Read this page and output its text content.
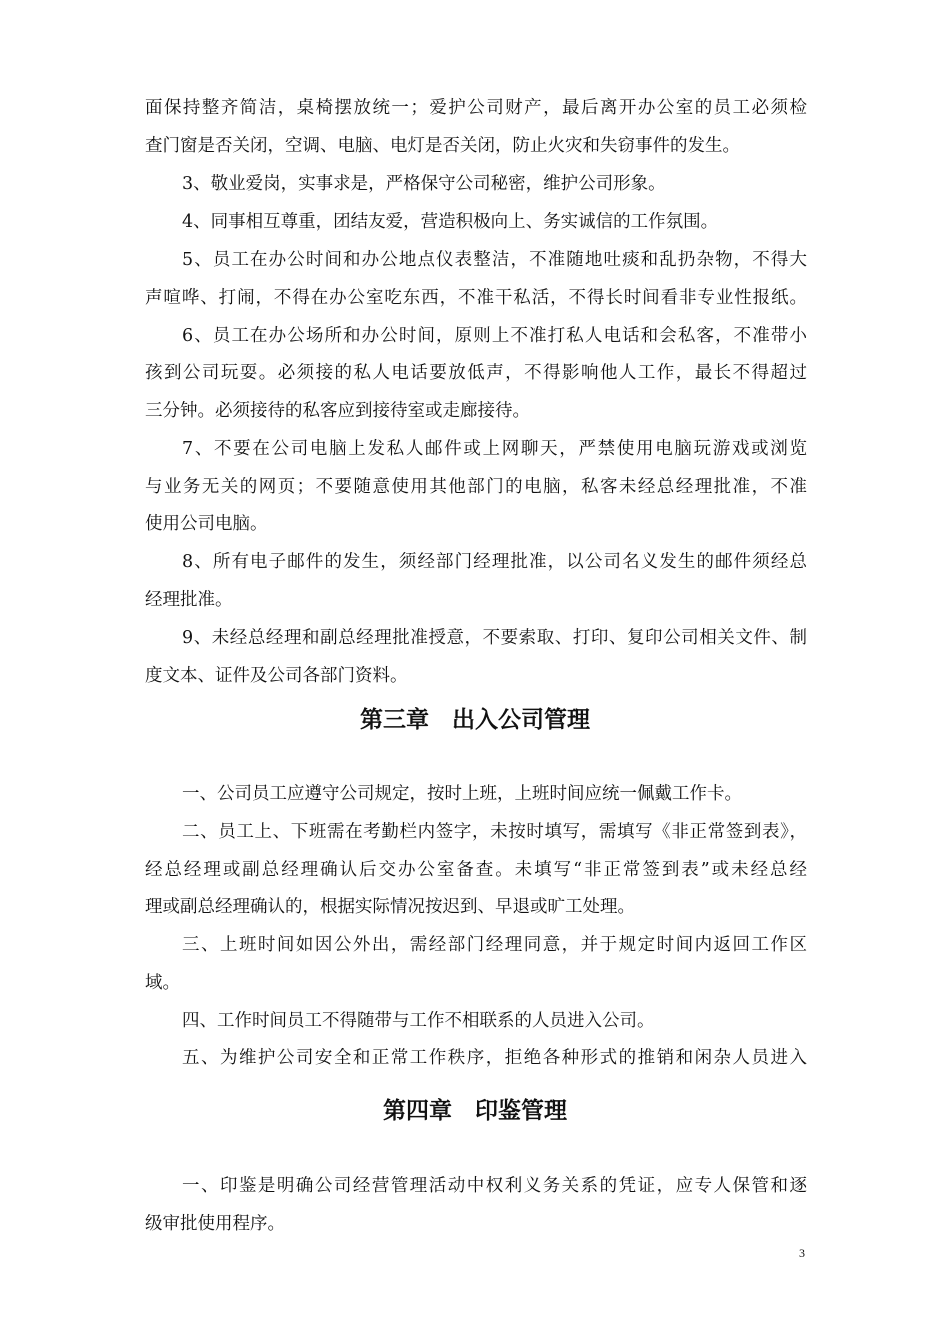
面保持整齐简洁，桌椅摆放统一；爱护公司财产，最后离开办公室的员工必须检
查门窗是否关闭，空调、电脑、电灯是否关闭，防止火灾和失窃事件的发生。
3、敬业爱岗，实事求是，严格保守公司秘密，维护公司形象。
4、同事相互尊重，团结友爱，营造积极向上、务实诚信的工作氛围。
5、员工在办公时间和办公地点仪表整洁，不准随地吐痰和乱扔杂物，不得大
声喧哗、打闹，不得在办公室吃东西，不准干私活，不得长时间看非专业性报纸。
6、员工在办公场所和办公时间，原则上不准打私人电话和会私客，不准带小
孩到公司玩耍。必须接的私人电话要放低声，不得影响他人工作，最长不得超过
三分钟。必须接待的私客应到接待室或走廊接待。
7、不要在公司电脑上发私人邮件或上网聊天，严禁使用电脑玩游戏或浏览
与业务无关的网页；不要随意使用其他部门的电脑，私客未经总经理批准，不准
使用公司电脑。
8、所有电子邮件的发生，须经部门经理批准，以公司名义发生的邮件须经总
经理批准。
9、未经总经理和副总经理批准授意，不要索取、打印、复印公司相关文件、制
度文本、证件及公司各部门资料。
第三章　出入公司管理
一、公司员工应遵守公司规定，按时上班，上班时间应统一佩戴工作卡。
二、员工上、下班需在考勤栏内签字，未按时填写，需填写《非正常签到表》，
经总经理或副总经理确认后交办公室备查。未填写“非正常签到表”或未经总经
理或副总经理确认的，根据实际情况按迟到、早退或旷工处理。
三、上班时间如因公外出，需经部门经理同意，并于规定时间内返回工作区
域。
四、工作时间员工不得随带与工作不相联系的人员进入公司。
五、为维护公司安全和正常工作秩序，拒绝各种形式的推销和闲杂人员进入
第四章　印鉴管理
一、印鉴是明确公司经营管理活动中权利义务关系的凭证，应专人保管和逐
级审批使用程序。
3
